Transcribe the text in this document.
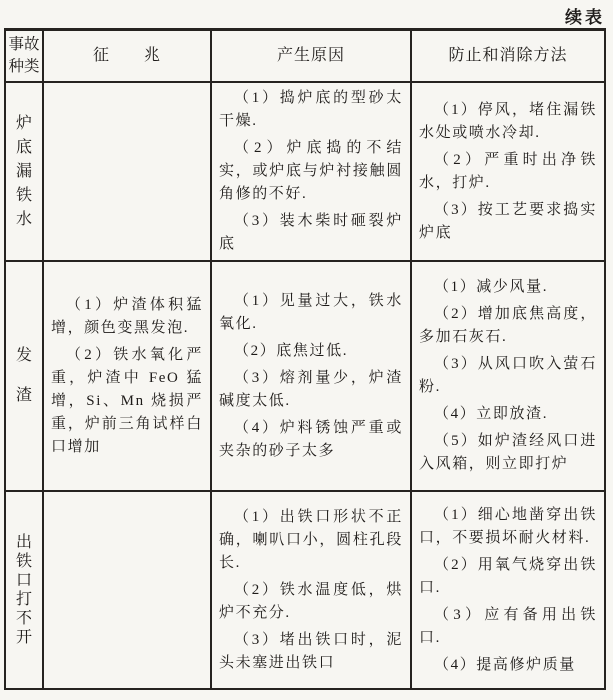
续表
事故种类
征　　兆	产生原因	防止和消除方法
炉底漏铁水

（1）捣炉底的型砂太干燥.

（2）炉底捣的不结实，或炉底与炉衬接触圆角修的不好.

（3）装木柴时砸裂炉底

（1）停风，堵住漏铁水处或喷水冷却.

（2）严重时出净铁水，打炉.

（3）按工艺要求捣实炉底

发渣

（1）炉渣体积猛增，颜色变黑发泡.

（2）铁水氧化严重，炉渣中 FeO 猛增，Si、Mn 烧损严重，炉前三角试样白口增加

（1）见量过大，铁水氧化.

（2）底焦过低.

（3）熔剂量少，炉渣碱度太低.

（4）炉料锈蚀严重或夹杂的砂子太多

（1）减少风量.

（2）增加底焦高度，多加石灰石.

（3）从风口吹入萤石粉.

（4）立即放渣.

（5）如炉渣经风口进入风箱，则立即打炉

出铁口打不开

（1）出铁口形状不正确，喇叭口小，圆柱孔段长.

（2）铁水温度低，烘炉不充分.

（3）堵出铁口时，泥头未塞进出铁口

（1）细心地凿穿出铁口，不要损坏耐火材料.

（2）用氧气烧穿出铁口.

（3）应有备用出铁口.

（4）提高修炉质量
